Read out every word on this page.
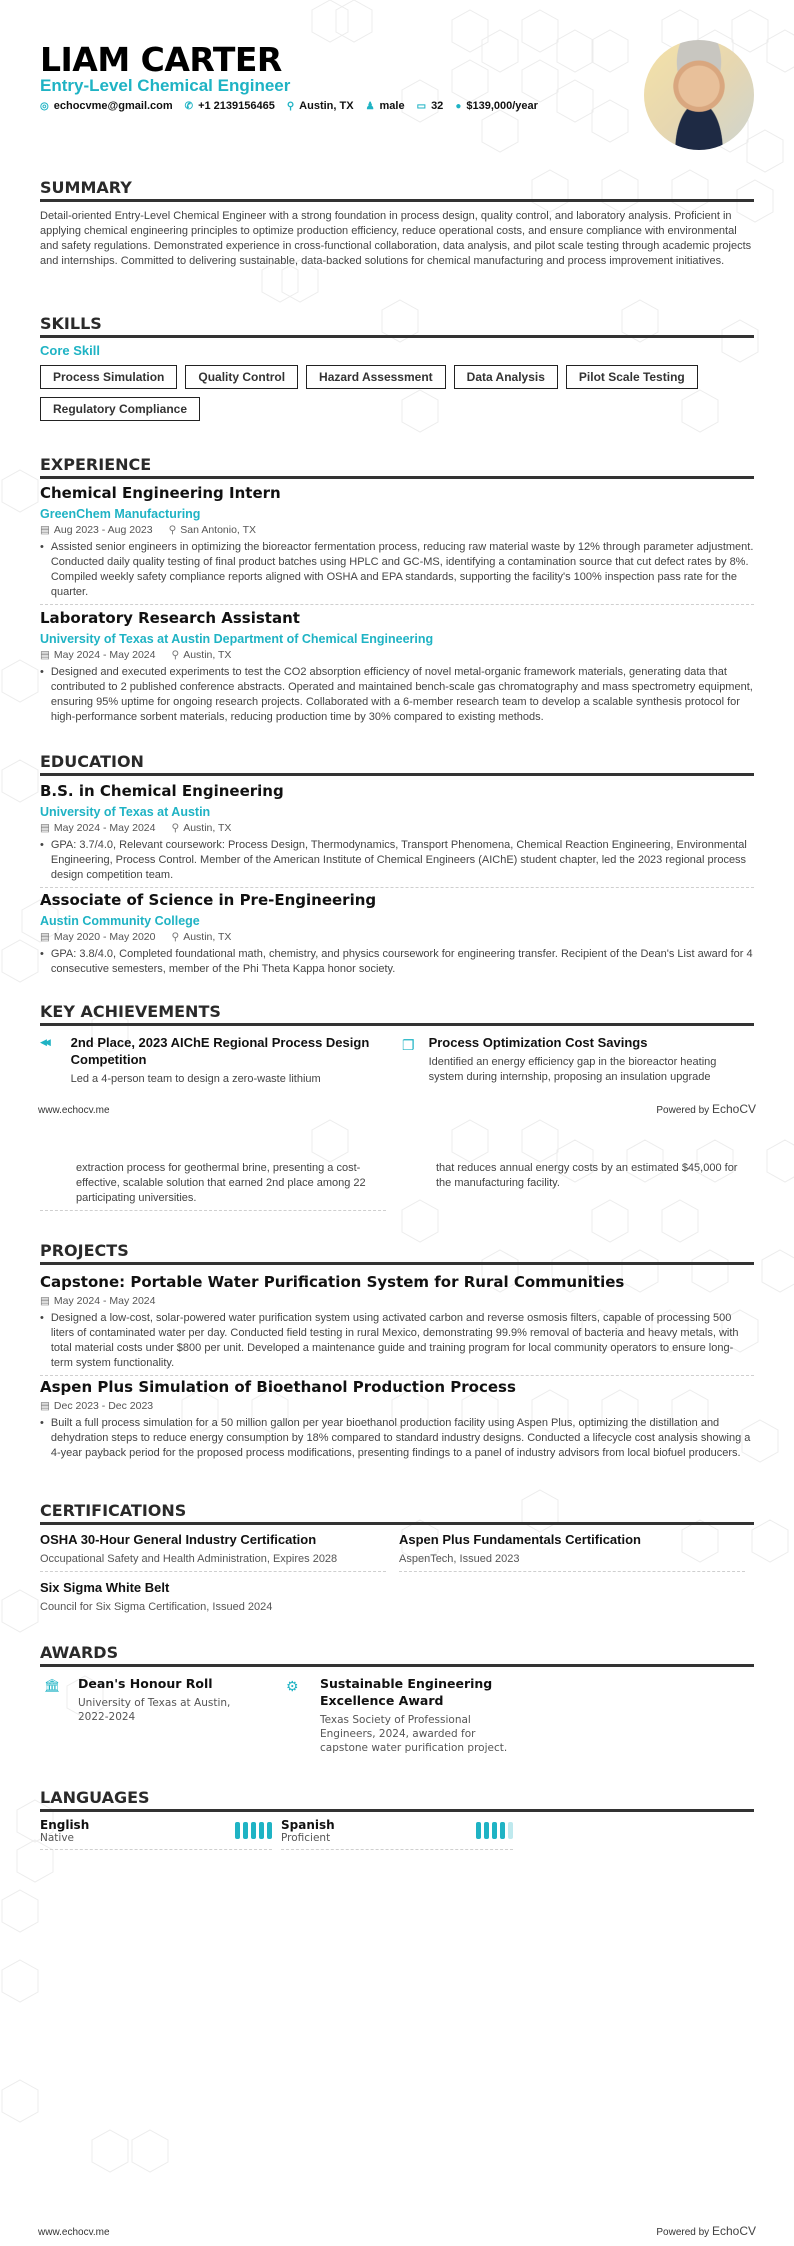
LIAM CARTER
Entry-Level Chemical Engineer
◎ echocvme@gmail.com ✆ +1 2139156465 ⚲ Austin, TX ♟ male ▭ 32 ● $139,000/year
SUMMARY
Detail-oriented Entry-Level Chemical Engineer with a strong foundation in process design, quality control, and laboratory analysis. Proficient in applying chemical engineering principles to optimize production efficiency, reduce operational costs, and ensure compliance with environmental and safety regulations. Demonstrated experience in cross-functional collaboration, data analysis, and pilot scale testing through academic projects and internships. Committed to delivering sustainable, data-backed solutions for chemical manufacturing and process improvement initiatives.
SKILLS
Core Skill
Process Simulation	Quality Control	Hazard Assessment	Data Analysis	Pilot Scale Testing
Regulatory Compliance
EXPERIENCE
Chemical Engineering Intern
GreenChem Manufacturing
▤ Aug 2023 - Aug 2023 ⚲ San Antonio, TX
• Assisted senior engineers in optimizing the bioreactor fermentation process, reducing raw material waste by 12% through parameter adjustment. Conducted daily quality testing of final product batches using HPLC and GC-MS, identifying a contamination source that cut defect rates by 8%. Compiled weekly safety compliance reports aligned with OSHA and EPA standards, supporting the facility's 100% inspection pass rate for the quarter.
Laboratory Research Assistant
University of Texas at Austin Department of Chemical Engineering
▤ May 2024 - May 2024 ⚲ Austin, TX
• Designed and executed experiments to test the CO2 absorption efficiency of novel metal-organic framework materials, generating data that contributed to 2 published conference abstracts. Operated and maintained bench-scale gas chromatography and mass spectrometry equipment, ensuring 95% uptime for ongoing research projects. Collaborated with a 6-member research team to develop a scalable synthesis protocol for high-performance sorbent materials, reducing production time by 30% compared to existing methods.
EDUCATION
B.S. in Chemical Engineering
University of Texas at Austin
▤ May 2024 - May 2024 ⚲ Austin, TX
• GPA: 3.7/4.0, Relevant coursework: Process Design, Thermodynamics, Transport Phenomena, Chemical Reaction Engineering, Environmental Engineering, Process Control. Member of the American Institute of Chemical Engineers (AIChE) student chapter, led the 2023 regional process design competition team.
Associate of Science in Pre-Engineering
Austin Community College
▤ May 2020 - May 2020 ⚲ Austin, TX
• GPA: 3.8/4.0, Completed foundational math, chemistry, and physics coursework for engineering transfer. Recipient of the Dean's List award for 4 consecutive semesters, member of the Phi Theta Kappa honor society.
KEY ACHIEVEMENTS
◀◀	2nd Place, 2023 AIChE Regional Process Design Competition
Led a 4-person team to design a zero-waste lithium
❐ Process Optimization Cost Savings
Identified an energy efficiency gap in the bioreactor heating system during internship, proposing an insulation upgrade
www.echocv.me	Powered by EchoCV
extraction process for geothermal brine, presenting a cost-effective, scalable solution that earned 2nd place among 22 participating universities.
that reduces annual energy costs by an estimated $45,000 for the manufacturing facility.
PROJECTS
Capstone: Portable Water Purification System for Rural Communities
▤ May 2024 - May 2024
• Designed a low-cost, solar-powered water purification system using activated carbon and reverse osmosis filters, capable of processing 500 liters of contaminated water per day. Conducted field testing in rural Mexico, demonstrating 99.9% removal of bacteria and heavy metals, with total material costs under $800 per unit. Developed a maintenance guide and training program for local community operators to ensure long-term system functionality.
Aspen Plus Simulation of Bioethanol Production Process
▤ Dec 2023 - Dec 2023
• Built a full process simulation for a 50 million gallon per year bioethanol production facility using Aspen Plus, optimizing the distillation and dehydration steps to reduce energy consumption by 18% compared to standard industry designs. Conducted a lifecycle cost analysis showing a 4-year payback period for the proposed process modifications, presenting findings to a panel of industry advisors from local biofuel producers.
CERTIFICATIONS
OSHA 30-Hour General Industry Certification
Occupational Safety and Health Administration, Expires 2028
Aspen Plus Fundamentals Certification
AspenTech, Issued 2023
Six Sigma White Belt
Council for Six Sigma Certification, Issued 2024
AWARDS
🏛 Dean's Honour Roll
University of Texas at Austin, 2022-2024
⚙	Sustainable Engineering Excellence Award
Texas Society of Professional Engineers, 2024, awarded for capstone water purification project.
LANGUAGES
English
Native
Spanish
Proficient
www.echocv.me	Powered by EchoCV
